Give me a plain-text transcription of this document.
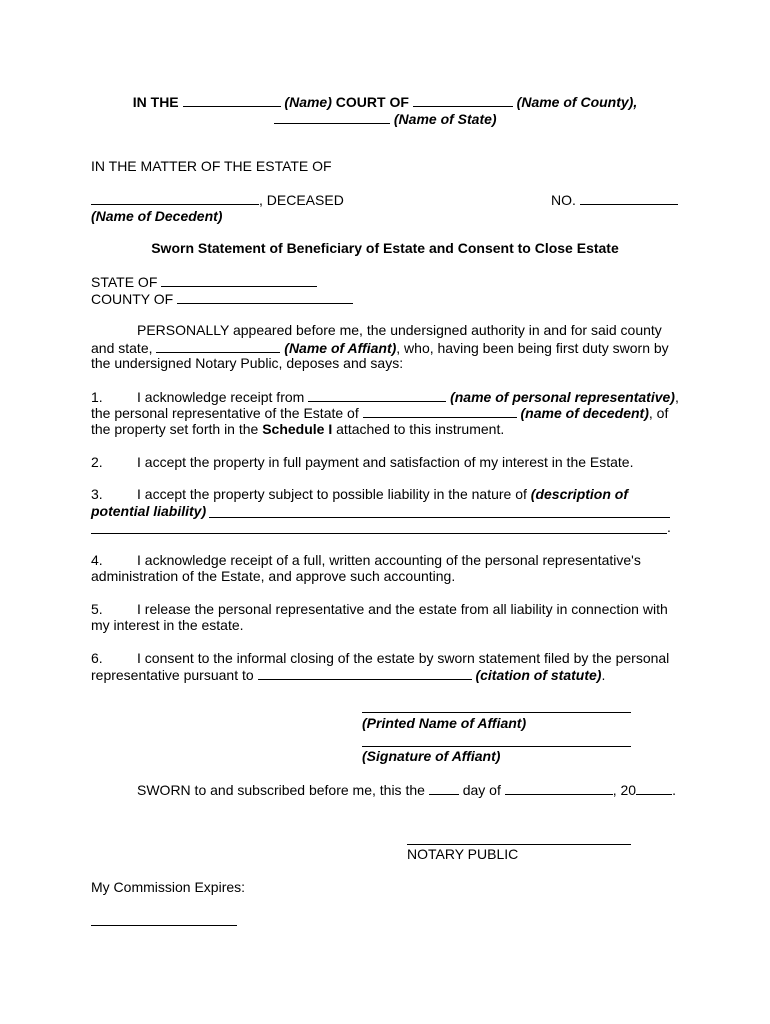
IN THE	(Name) COURT OF	(Name of County),
(Name of State)
IN THE MATTER OF THE ESTATE OF
, DECEASED	NO.
(Name of Decedent)
Sworn Statement of Beneficiary of Estate and Consent to Close Estate
STATE OF
COUNTY OF
PERSONALLY appeared before me, the undersigned authority in and for said county
and state,	(Name of Affiant), who, having been being first duty sworn by
the undersigned Notary Public, deposes and says:
1. I acknowledge receipt from	(name of personal representative),
the personal representative of the Estate of	(name of decedent), of
the property set forth in the Schedule I attached to this instrument.
2. I accept the property in full payment and satisfaction of my interest in the Estate.
3. I accept the property subject to possible liability in the nature of (description of
potential liability)
.
4. I acknowledge receipt of a full, written accounting of the personal representative's
administration of the Estate, and approve such accounting.
5. I release the personal representative and the estate from all liability in connection with
my interest in the estate.
6. I consent to the informal closing of the estate by sworn statement filed by the personal
representative pursuant to	(citation of statute).
(Printed Name of Affiant)
(Signature of Affiant)
SWORN to and subscribed before me, this the	day of	, 20	.
NOTARY PUBLIC
My Commission Expires:
